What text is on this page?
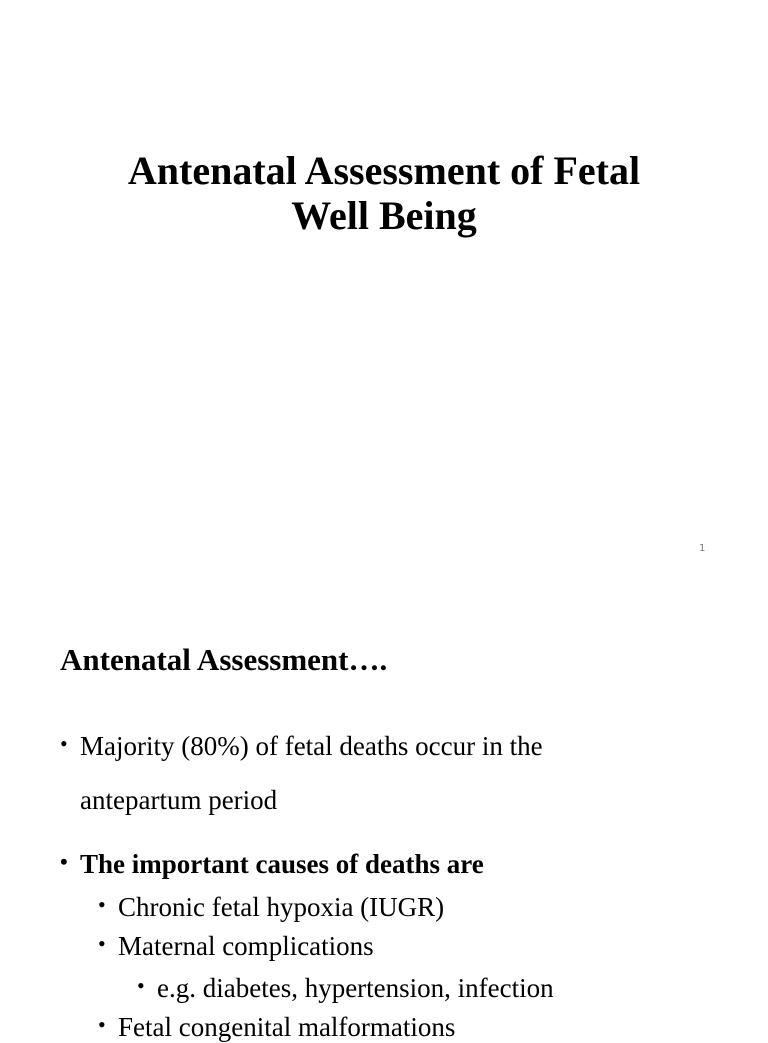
Antenatal Assessment of Fetal
Well Being
1
Antenatal Assessment….
• Majority (80%) of fetal deaths occur in the
antepartum period
• The important causes of deaths are
• Chronic fetal hypoxia (IUGR)
• Maternal complications
• e.g. diabetes, hypertension, infection
• Fetal congenital malformations
